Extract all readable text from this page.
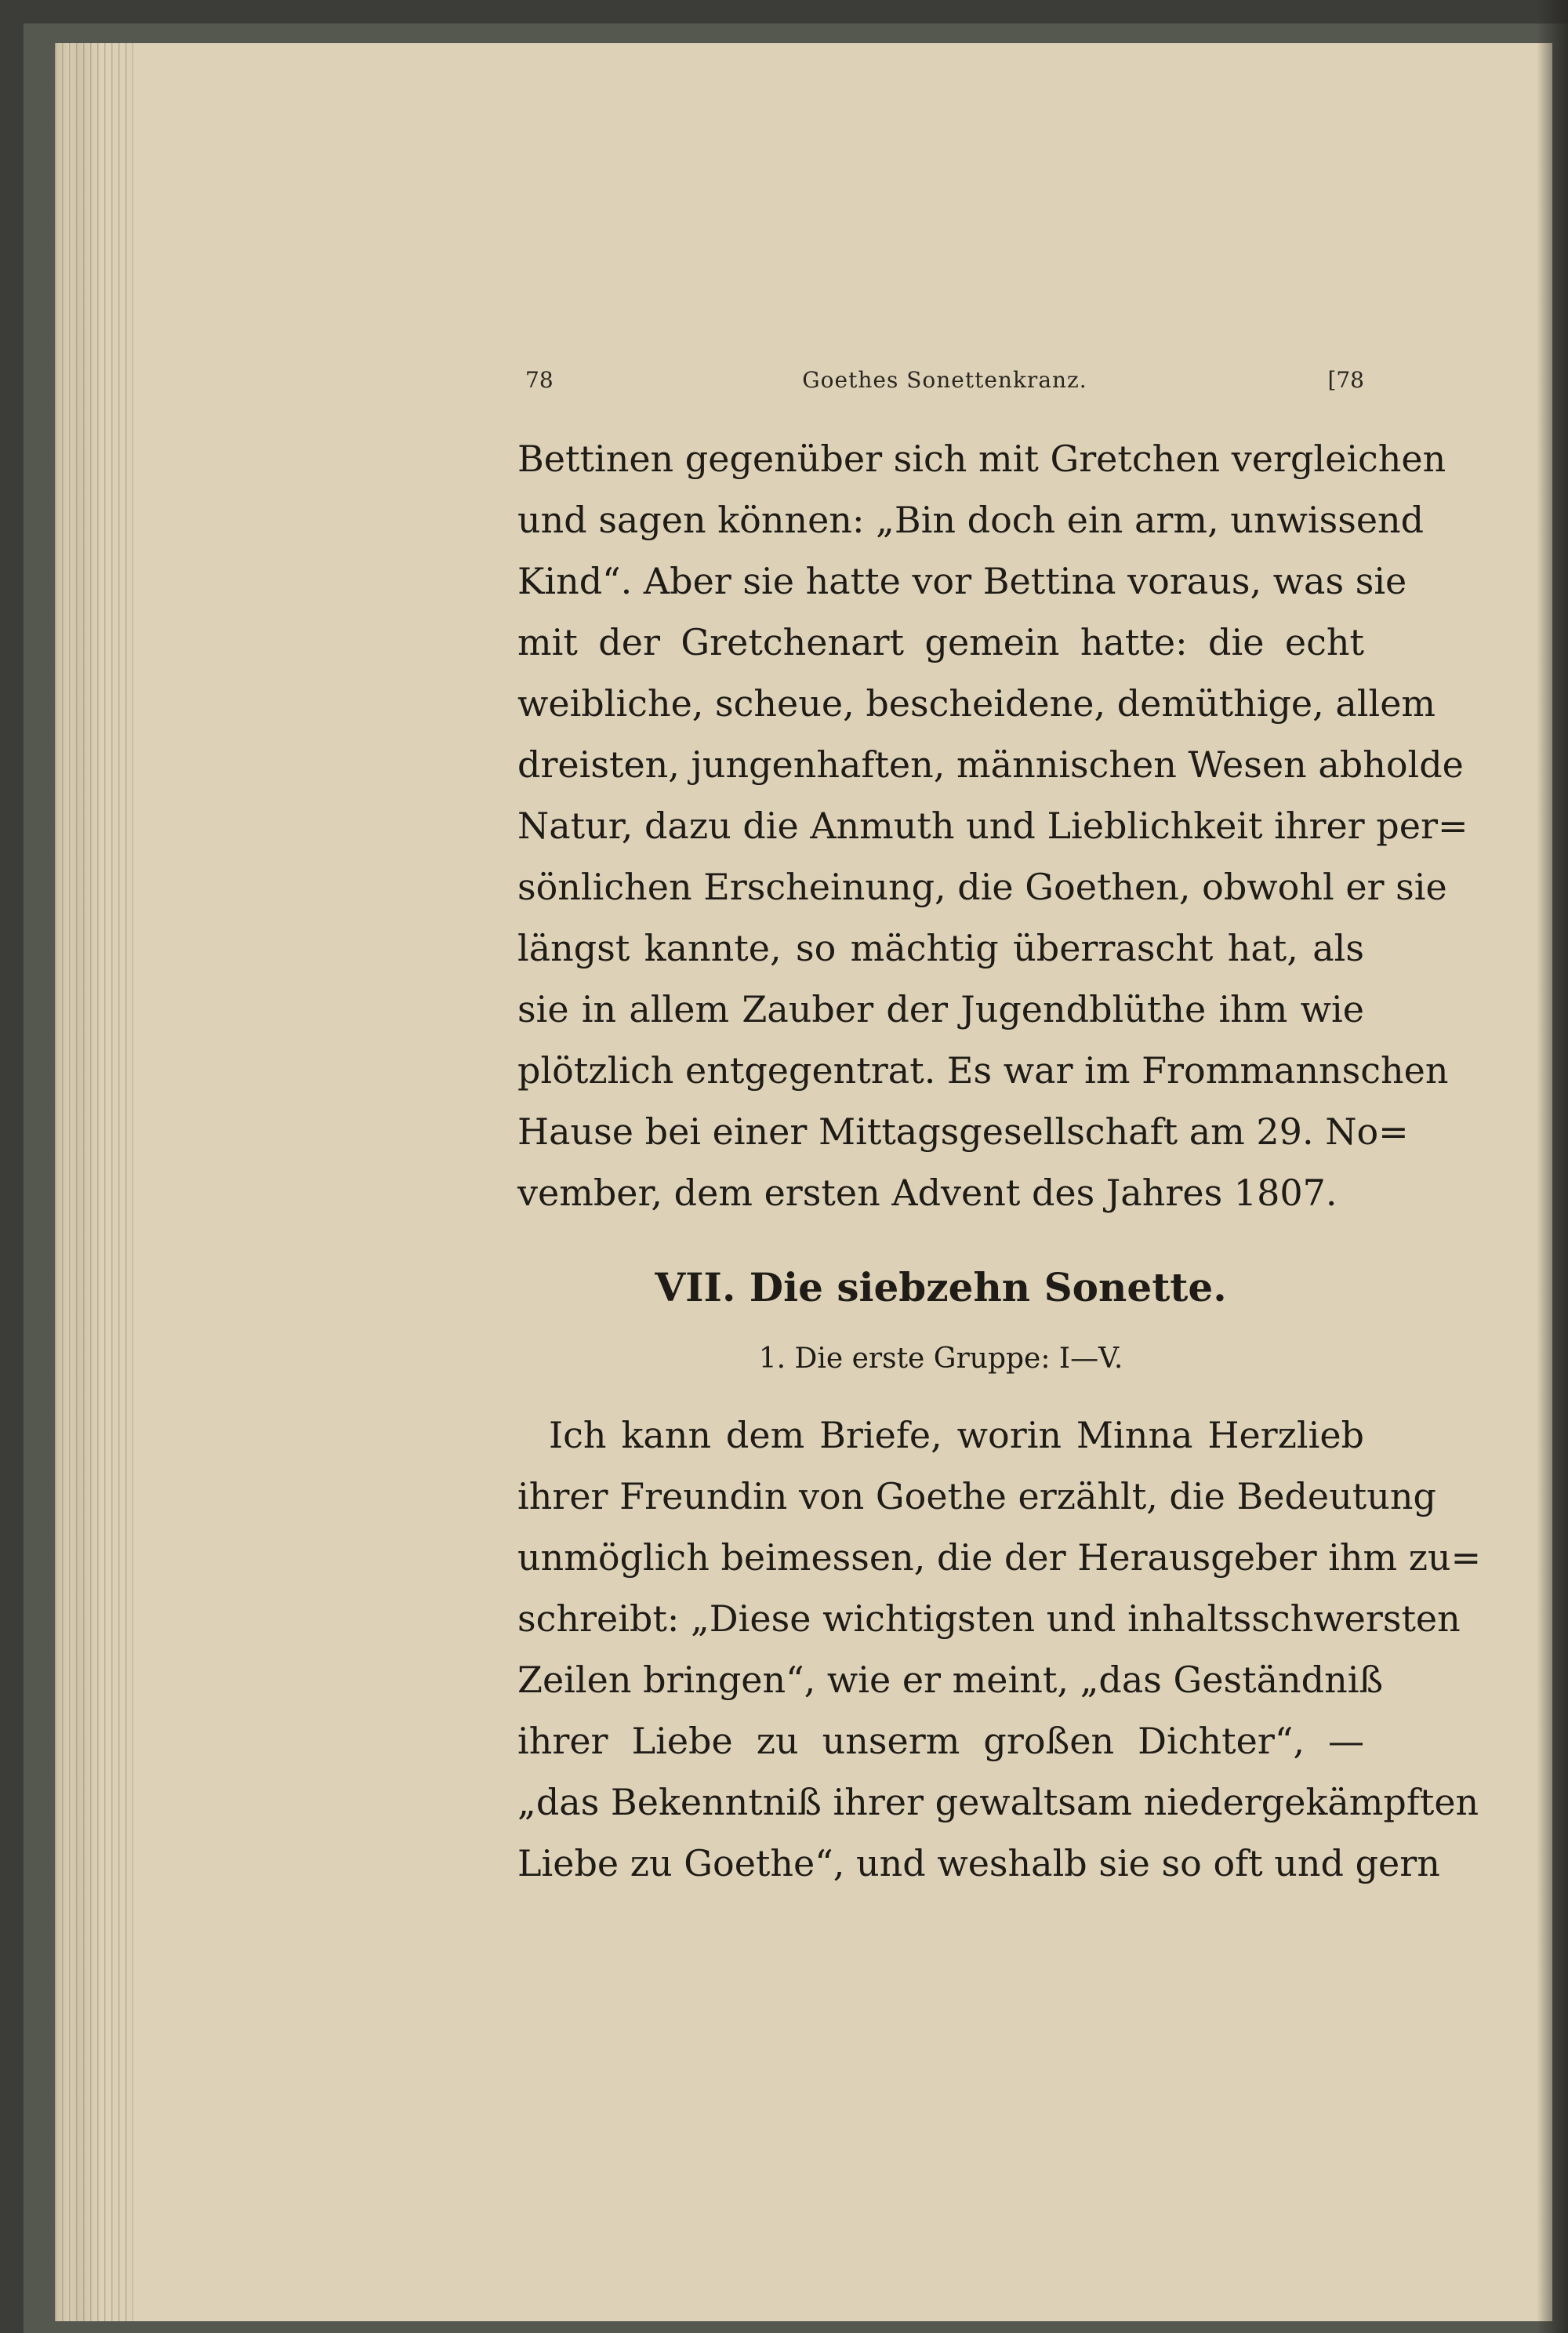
78	Goethes Sonettenkranz.	[78
Bettinen gegenüber sich mit Gretchen vergleichen
und sagen können: „Bin doch ein arm, unwissend
Kind“. Aber sie hatte vor Bettina voraus, was sie
mit der Gretchenart gemein hatte: die echt
weibliche, scheue, bescheidene, demüthige, allem
dreisten, jungenhaften, männischen Wesen abholde
Natur, dazu die Anmuth und Lieblichkeit ihrer per=
sönlichen Erscheinung, die Goethen, obwohl er sie
längst kannte, so mächtig überrascht hat, als
sie in allem Zauber der Jugendblüthe ihm wie
plötzlich entgegentrat. Es war im Frommannschen
Hause bei einer Mittagsgesellschaft am 29. No=
vember, dem ersten Advent des Jahres 1807.
VII. Die siebzehn Sonette.
1. Die erste Gruppe: I—V.
Ich kann dem Briefe, worin Minna Herzlieb
ihrer Freundin von Goethe erzählt, die Bedeutung
unmöglich beimessen, die der Herausgeber ihm zu=
schreibt: „Diese wichtigsten und inhaltsschwersten
Zeilen bringen“, wie er meint, „das Geständniß
ihrer Liebe zu unserm großen Dichter“, —
„das Bekenntniß ihrer gewaltsam niedergekämpften
Liebe zu Goethe“, und weshalb sie so oft und gern
